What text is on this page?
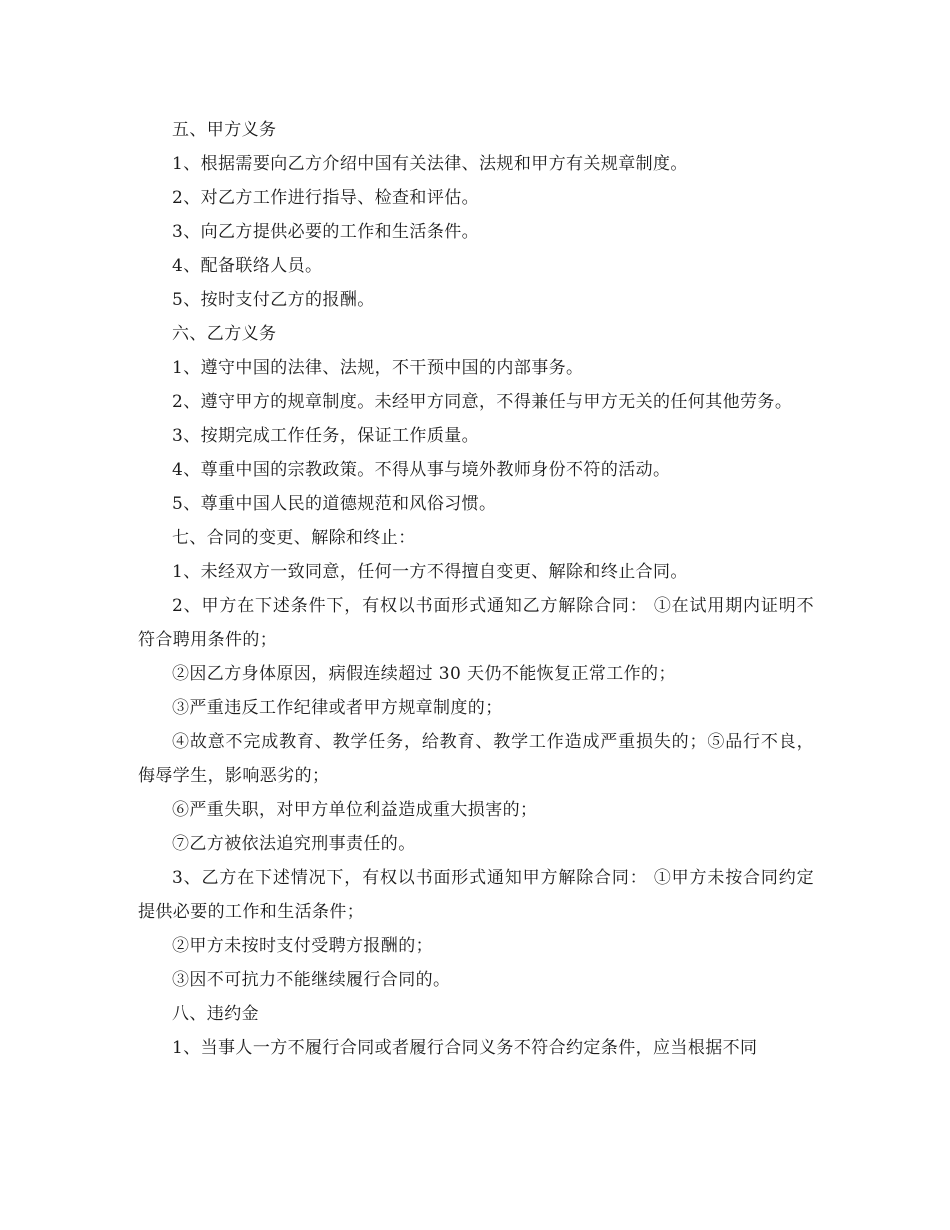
五、甲方义务

1、根据需要向乙方介绍中国有关法律、法规和甲方有关规章制度。

2、对乙方工作进行指导、检查和评估。

3、向乙方提供必要的工作和生活条件。

4、配备联络人员。

5、按时支付乙方的报酬。

六、乙方义务

1、遵守中国的法律、法规，不干预中国的内部事务。

2、遵守甲方的规章制度。未经甲方同意，不得兼任与甲方无关的任何其他劳务。

3、按期完成工作任务，保证工作质量。

4、尊重中国的宗教政策。不得从事与境外教师身份不符的活动。

5、尊重中国人民的道德规范和风俗习惯。

七、合同的变更、解除和终止：

1、未经双方一致同意，任何一方不得擅自变更、解除和终止合同。

2、甲方在下述条件下，有权以书面形式通知乙方解除合同： ①在试用期内证明不符合聘用条件的；

②因乙方身体原因，病假连续超过 30 天仍不能恢复正常工作的；

③严重违反工作纪律或者甲方规章制度的；

④故意不完成教育、教学任务，给教育、教学工作造成严重损失的；⑤品行不良，侮辱学生，影响恶劣的；

⑥严重失职，对甲方单位利益造成重大损害的；

⑦乙方被依法追究刑事责任的。

3、乙方在下述情况下，有权以书面形式通知甲方解除合同： ①甲方未按合同约定提供必要的工作和生活条件；

②甲方未按时支付受聘方报酬的；

③因不可抗力不能继续履行合同的。

八、违约金

1、当事人一方不履行合同或者履行合同义务不符合约定条件，应当根据不同
